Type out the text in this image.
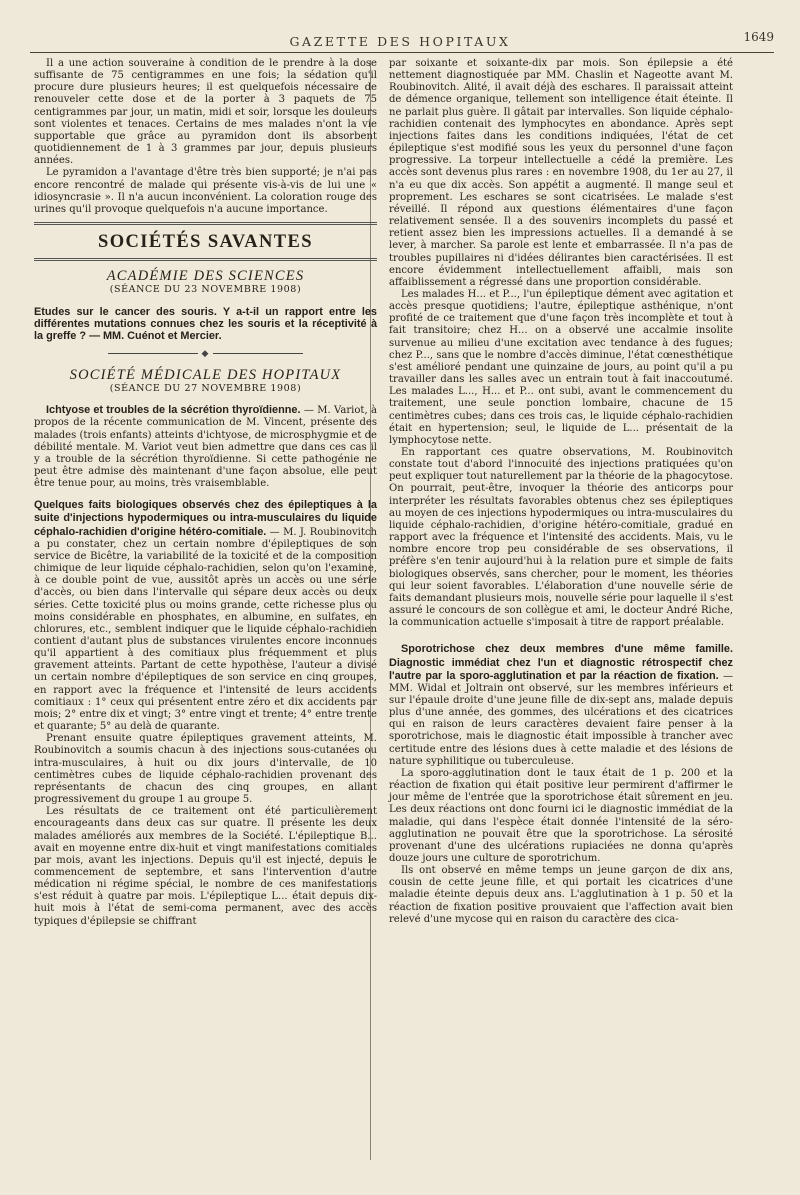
GAZETTE DES HOPITAUX	1649

Il a une action souveraine à condition de le prendre à la dose suffisante de 75 centigrammes en une fois; la sédation qu'il procure dure plusieurs heures; il est quelquefois nécessaire de renouveler cette dose et de la porter à 3 paquets de 75 centigrammes par jour, un matin, midi et soir, lorsque les douleurs sont violentes et tenaces. Certains de mes malades n'ont la vie supportable que grâce au pyramidon dont ils absorbent quotidiennement de 1 à 3 grammes par jour, depuis plusieurs années.

Le pyramidon a l'avantage d'être très bien supporté; je n'ai pas encore rencontré de malade qui présente vis-à-vis de lui une « idiosyncrasie ». Il n'a aucun inconvénient. La coloration rouge des urines qu'il provoque quelquefois n'a aucune importance.

SOCIÉTÉS SAVANTES
ACADÉMIE DES SCIENCES
(SÉANCE DU 23 NOVEMBRE 1908)

Etudes sur le cancer des souris. Y a-t-il un rapport entre les différentes mutations connues chez les souris et la réceptivité à la greffe ? — MM. Cuénot et Mercier.

◆
SOCIÉTÉ MÉDICALE DES HOPITAUX
(SÉANCE DU 27 NOVEMBRE 1908)

Ichtyose et troubles de la sécrétion thyroïdienne. — M. Variot, à propos de la récente communication de M. Vincent, présente des malades (trois enfants) atteints d'ichtyose, de microsphygmie et de débilité mentale. M. Variot veut bien admettre que dans ces cas il y a trouble de la sécrétion thyroïdienne. Si cette pathogénie ne peut être admise dès maintenant d'une façon absolue, elle peut être tenue pour, au moins, très vraisemblable.

Quelques faits biologiques observés chez des épileptiques à la suite d'injections hypodermiques ou intra-musculaires du liquide céphalo-rachidien d'origine hétéro-comitiale. — M. J. Roubinovitch a pu constater, chez un certain nombre d'épileptiques de son service de Bicêtre, la variabilité de la toxicité et de la composition chimique de leur liquide céphalo-rachidien, selon qu'on l'examine, à ce double point de vue, aussitôt après un accès ou une série d'accès, ou bien dans l'intervalle qui sépare deux accès ou deux séries. Cette toxicité plus ou moins grande, cette richesse plus ou moins considérable en phosphates, en albumine, en sulfates, en chlorures, etc., semblent indiquer que le liquide céphalo-rachidien contient d'autant plus de substances virulentes encore inconnues qu'il appartient à des comitiaux plus fréquemment et plus gravement atteints. Partant de cette hypothèse, l'auteur a divisé un certain nombre d'épileptiques de son service en cinq groupes, en rapport avec la fréquence et l'intensité de leurs accidents comitiaux : 1° ceux qui présentent entre zéro et dix accidents par mois; 2° entre dix et vingt; 3° entre vingt et trente; 4° entre trente et quarante; 5° au delà de quarante.

Prenant ensuite quatre épileptiques gravement atteints, M. Roubinovitch a soumis chacun à des injections sous-cutanées ou intra-musculaires, à huit ou dix jours d'intervalle, de 10 centimètres cubes de liquide céphalo-rachidien provenant des représentants de chacun des cinq groupes, en allant progressivement du groupe 1 au groupe 5.

Les résultats de ce traitement ont été particulièrement encourageants dans deux cas sur quatre. Il présente les deux malades améliorés aux membres de la Société. L'épileptique B... avait en moyenne entre dix-huit et vingt manifestations comitiales par mois, avant les injections. Depuis qu'il est injecté, depuis le commencement de septembre, et sans l'intervention d'autre médication ni régime spécial, le nombre de ces manifestations s'est réduit à quatre par mois. L'épileptique L... était depuis dix-huit mois à l'état de semi-coma permanent, avec des accès typiques d'épilepsie se chiffrant

par soixante et soixante-dix par mois. Son épilepsie a été nettement diagnostiquée par MM. Chaslin et Nageotte avant M. Roubinovitch. Alité, il avait déjà des eschares. Il paraissait atteint de démence organique, tellement son intelligence était éteinte. Il ne parlait plus guère. Il gâtait par intervalles. Son liquide céphalo-rachidien contenait des lymphocytes en abondance. Après sept injections faites dans les conditions indiquées, l'état de cet épileptique s'est modifié sous les yeux du personnel d'une façon progressive. La torpeur intellectuelle a cédé la première. Les accès sont devenus plus rares : en novembre 1908, du 1er au 27, il n'a eu que dix accès. Son appétit a augmenté. Il mange seul et proprement. Les eschares se sont cicatrisées. Le malade s'est réveillé. Il répond aux questions élémentaires d'une façon relativement sensée. Il a des souvenirs incomplets du passé et retient assez bien les impressions actuelles. Il a demandé à se lever, à marcher. Sa parole est lente et embarrassée. Il n'a pas de troubles pupillaires ni d'idées délirantes bien caractérisées. Il est encore évidemment intellectuellement affaibli, mais son affaiblissement a régressé dans une proportion considérable.

Les malades H... et P..., l'un épileptique dément avec agitation et accès presque quotidiens; l'autre, épileptique asthénique, n'ont profité de ce traitement que d'une façon très incomplète et tout à fait transitoire; chez H... on a observé une accalmie insolite survenue au milieu d'une excitation avec tendance à des fugues; chez P..., sans que le nombre d'accès diminue, l'état cœnesthétique s'est amélioré pendant une quinzaine de jours, au point qu'il a pu travailler dans les salles avec un entrain tout à fait inaccoutumé. Les malades L..., H... et P... ont subi, avant le commencement du traitement, une seule ponction lombaire, chacune de 15 centimètres cubes; dans ces trois cas, le liquide céphalo-rachidien était en hypertension; seul, le liquide de L... présentait de la lymphocytose nette.

En rapportant ces quatre observations, M. Roubinovitch constate tout d'abord l'innocuité des injections pratiquées qu'on peut expliquer tout naturellement par la théorie de la phagocytose. On pourrait, peut-être, invoquer la théorie des anticorps pour interpréter les résultats favorables obtenus chez ses épileptiques au moyen de ces injections hypodermiques ou intra-musculaires du liquide céphalo-rachidien, d'origine hétéro-comitiale, gradué en rapport avec la fréquence et l'intensité des accidents. Mais, vu le nombre encore trop peu considérable de ses observations, il préfère s'en tenir aujourd'hui à la relation pure et simple de faits biologiques observés, sans chercher, pour le moment, les théories qui leur soient favorables. L'élaboration d'une nouvelle série de faits demandant plusieurs mois, nouvelle série pour laquelle il s'est assuré le concours de son collègue et ami, le docteur André Riche, la communication actuelle s'imposait à titre de rapport préalable.

Sporotrichose chez deux membres d'une même famille. Diagnostic immédiat chez l'un et diagnostic rétrospectif chez l'autre par la sporo-agglutination et par la réaction de fixation. — MM. Widal et Joltrain ont observé, sur les membres inférieurs et sur l'épaule droite d'une jeune fille de dix-sept ans, malade depuis plus d'une année, des gommes, des ulcérations et des cicatrices qui en raison de leurs caractères devaient faire penser à la sporotrichose, mais le diagnostic était impossible à trancher avec certitude entre des lésions dues à cette maladie et des lésions de nature syphilitique ou tuberculeuse.

La sporo-agglutination dont le taux était de 1 p. 200 et la réaction de fixation qui était positive leur permirent d'affirmer le jour même de l'entrée que la sporotrichose était sûrement en jeu. Les deux réactions ont donc fourni ici le diagnostic immédiat de la maladie, qui dans l'espèce était donnée l'intensité de la séro-agglutination ne pouvait être que la sporotrichose. La sérosité provenant d'une des ulcérations rupiaciées ne donna qu'après douze jours une culture de sporotrichum.

Ils ont observé en même temps un jeune garçon de dix ans, cousin de cette jeune fille, et qui portait les cicatrices d'une maladie éteinte depuis deux ans. L'agglutination à 1 p. 50 et la réaction de fixation positive prouvaient que l'affection avait bien relevé d'une mycose qui en raison du caractère des cica-
